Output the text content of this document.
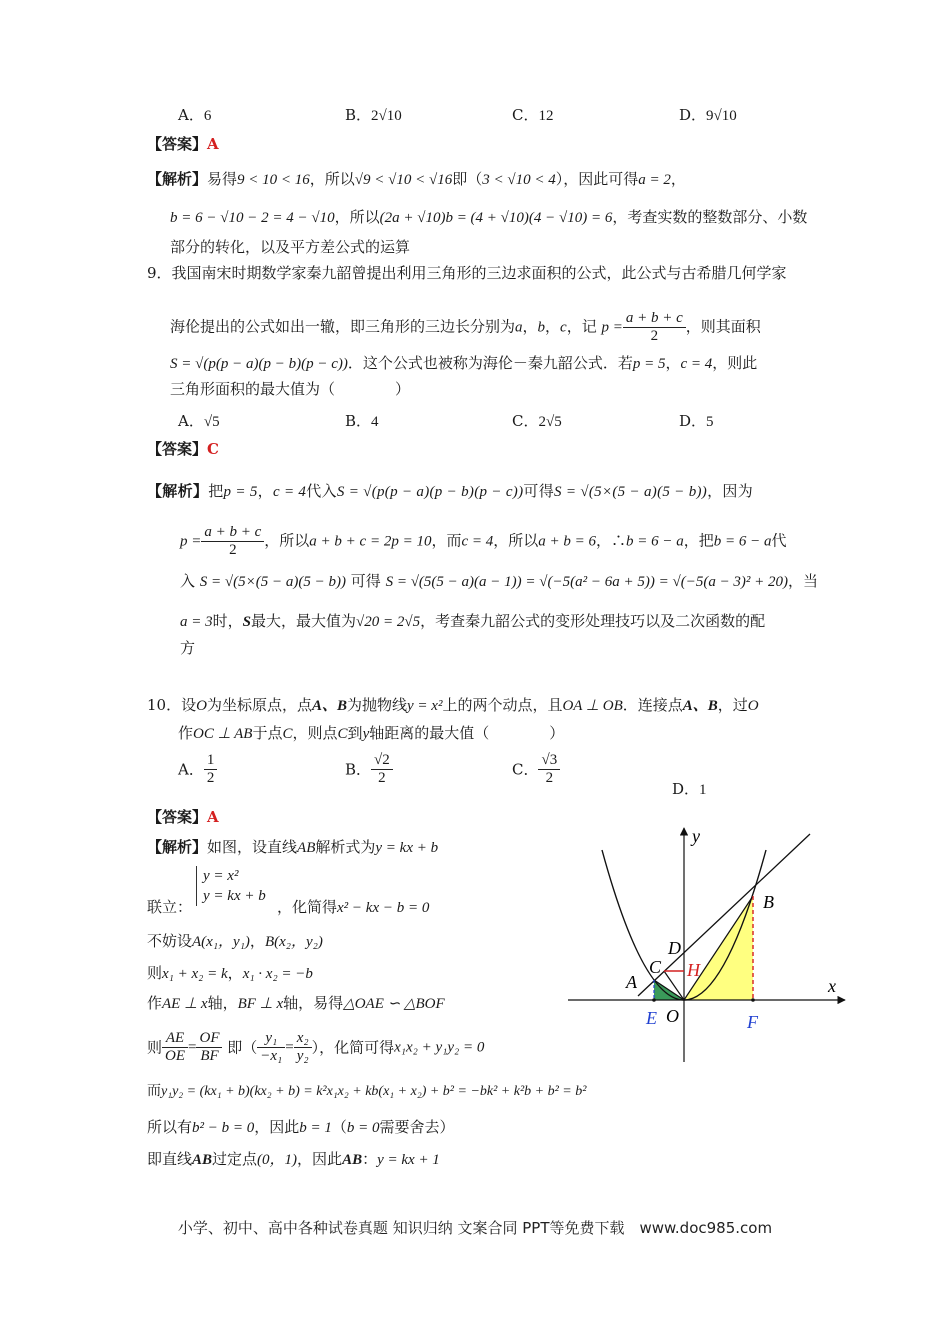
A．6	B．2√10	C．12	D．9√10
【答案】A
【解析】易得9 < 10 < 16，所以√9 < √10 < √16即（3 < √10 < 4），因此可得a = 2，
b = 6 − √10 − 2 = 4 − √10，所以(2a + √10)b = (4 + √10)(4 − √10) = 6，考查实数的整数部分、小数
部分的转化，以及平方差公式的运算
9．我国南宋时期数学家秦九韶曾提出利用三角形的三边求面积的公式，此公式与古希腊几何学家
海伦提出的公式如出一辙，即三角形的三边长分别为a，b，c，记 $p = \frac{a + b + c}{2}$ ，则其面积
S = √(p(p − a)(p − b)(p − c))．这个公式也被称为海伦－秦九韶公式．若p = 5，c = 4，则此
三角形面积的最大值为（　　　　）
A．√5	B．4	C．2√5	D．5
【答案】C
【解析】把p = 5，c = 4代入S = √(p(p − a)(p − b)(p − c))可得S = √(5×(5 − a)(5 − b))，因为
$p = \frac{a + b + c}{2}$ ，所以a + b + c = 2p = 10，而c = 4，所以a + b = 6，∴b = 6 − a，把b = 6 − a代
入 S = √(5×(5 − a)(5 − b)) 可得 S = √(5(5 − a)(a − 1)) = √(−5(a² − 6a + 5)) = √(−5(a − 3)² + 20)，当
a = 3时，S最大，最大值为√20 = 2√5，考查秦九韶公式的变形处理技巧以及二次函数的配
方
10．设O为坐标原点，点A、B为抛物线y = x²上的两个动点，且OA ⊥ OB．连接点A、B，过O
作OC ⊥ AB于点C，则点C到y轴距离的最大值（　　　　）
A． $\frac{1}{2}$	B． $\frac{√2}{2}$	C． $\frac{√3}{2}$
D．1
【答案】A
【解析】如图，设直线AB解析式为y = kx + b
联立：
y = x²
y = kx + b
，化简得x² − kx − b = 0
不妨设A(x₁，y₁)，B(x₂，y₂)
则x₁ + x₂ = k，x₁ · x₂ = −b
作AE ⊥ x轴，BF ⊥ x轴，易得△OAE ∽ △BOF
则 $\frac{AE}{OE} = \frac{OF}{BF}$ 即（ $\frac{\text{y₁}}{\text{−x₁}} = \frac{\text{x₂}}{\text{y₂}}$ ），化简可得x₁x₂ + y₁y₂ = 0
而y₁y₂ = (kx₁ + b)(kx₂ + b) = k²x₁x₂ + kb(x₁ + x₂) + b² = −bk² + k²b + b² = b²
所以有b² − b = 0，因此b = 1（b = 0需要舍去）
即直线AB过定点(0，1)，因此AB：y = kx + 1
y
x
B
D
C H
A
E O	F
小学、初中、高中各种试卷真题 知识归纳 文案合同 PPT等免费下载　www.doc985.com
